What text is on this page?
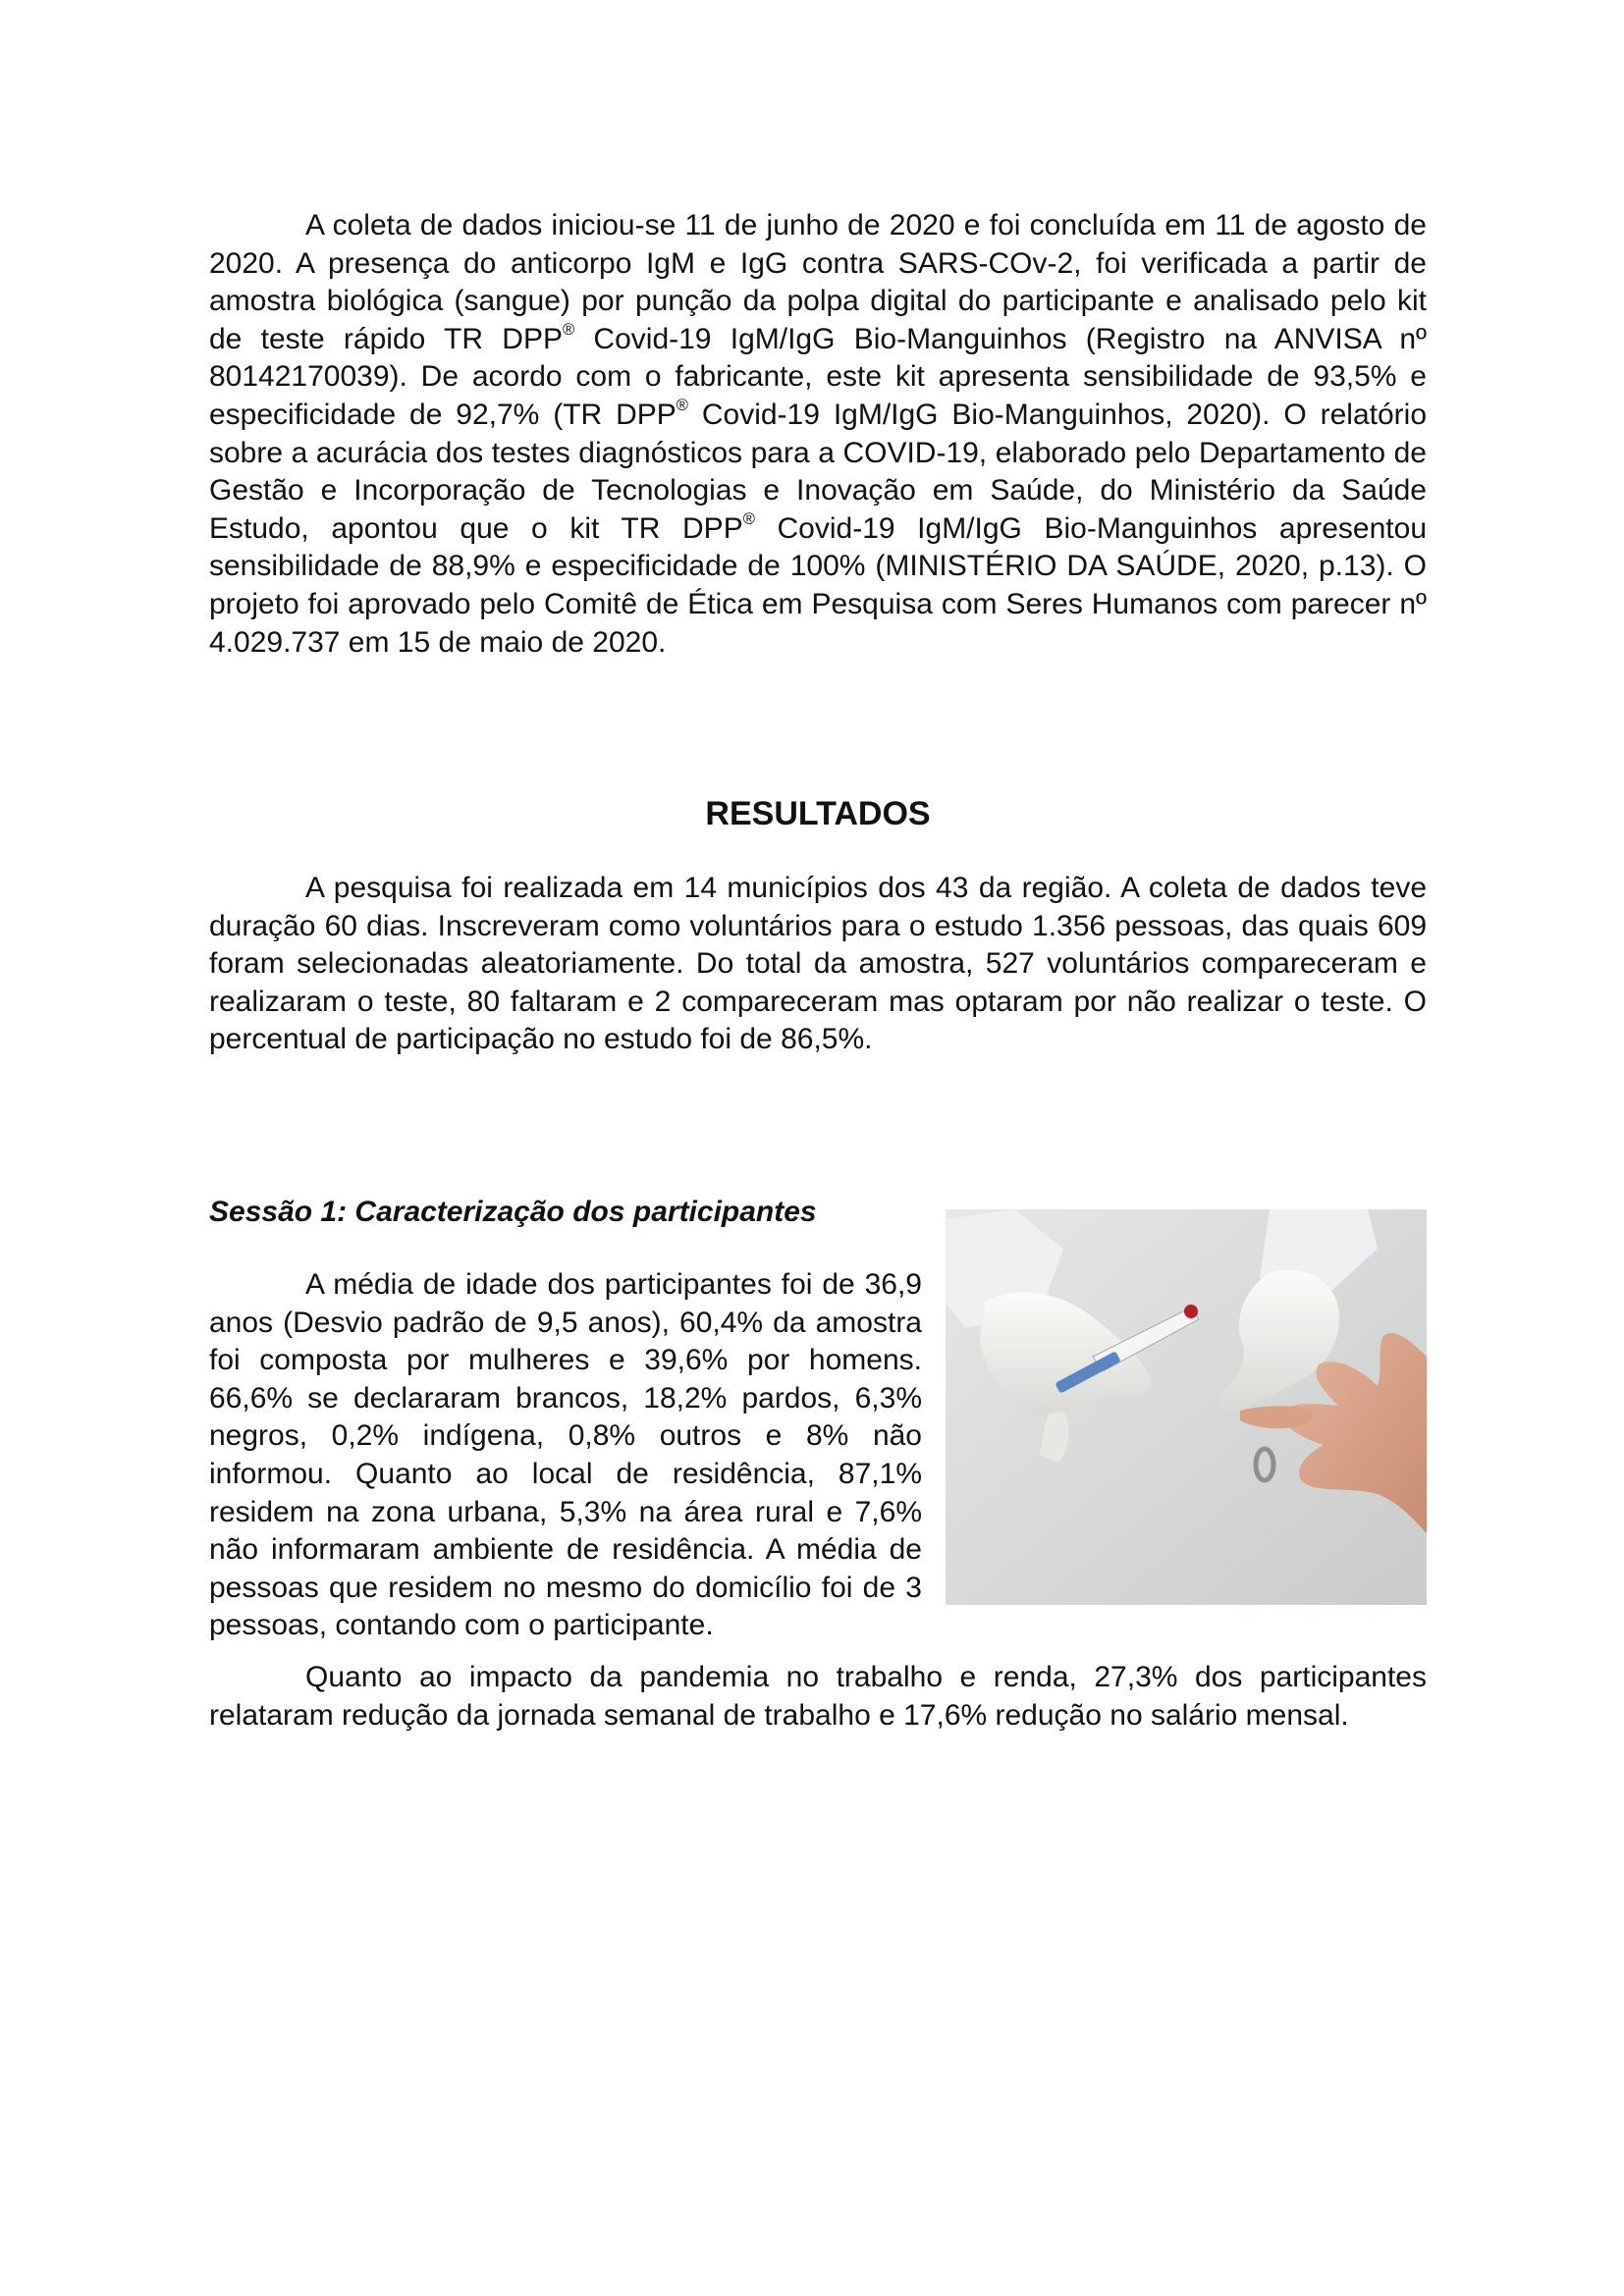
A coleta de dados iniciou-se 11 de junho de 2020 e foi concluída em 11 de agosto de 2020. A presença do anticorpo IgM e IgG contra SARS-COv-2, foi verificada a partir de amostra biológica (sangue) por punção da polpa digital do participante e analisado pelo kit de teste rápido TR DPP® Covid-19 IgM/IgG Bio-Manguinhos (Registro na ANVISA nº 80142170039). De acordo com o fabricante, este kit apresenta sensibilidade de 93,5% e especificidade de 92,7% (TR DPP® Covid-19 IgM/IgG Bio-Manguinhos, 2020). O relatório sobre a acurácia dos testes diagnósticos para a COVID-19, elaborado pelo Departamento de Gestão e Incorporação de Tecnologias e Inovação em Saúde, do Ministério da Saúde Estudo, apontou que o kit TR DPP® Covid-19 IgM/IgG Bio-Manguinhos apresentou sensibilidade de 88,9% e especificidade de 100% (MINISTÉRIO DA SAÚDE, 2020, p.13). O projeto foi aprovado pelo Comitê de Ética em Pesquisa com Seres Humanos com parecer nº 4.029.737 em 15 de maio de 2020.

RESULTADOS

A pesquisa foi realizada em 14 municípios dos 43 da região. A coleta de dados teve duração 60 dias. Inscreveram como voluntários para o estudo 1.356 pessoas, das quais 609 foram selecionadas aleatoriamente. Do total da amostra, 527 voluntários compareceram e realizaram o teste, 80 faltaram e 2 compareceram mas optaram por não realizar o teste. O percentual de participação no estudo foi de 86,5%.

Sessão 1: Caracterização dos participantes

A média de idade dos participantes foi de 36,9 anos (Desvio padrão de 9,5 anos), 60,4% da amostra foi composta por mulheres e 39,6% por homens. 66,6% se declararam brancos, 18,2% pardos, 6,3% negros, 0,2% indígena, 0,8% outros e 8% não informou. Quanto ao local de residência, 87,1% residem na zona urbana, 5,3% na área rural e 7,6% não informaram ambiente de residência. A média de pessoas que residem no mesmo do domicílio foi de 3 pessoas, contando com o participante.

Quanto ao impacto da pandemia no trabalho e renda, 27,3% dos participantes relataram redução da jornada semanal de trabalho e 17,6% redução no salário mensal.
